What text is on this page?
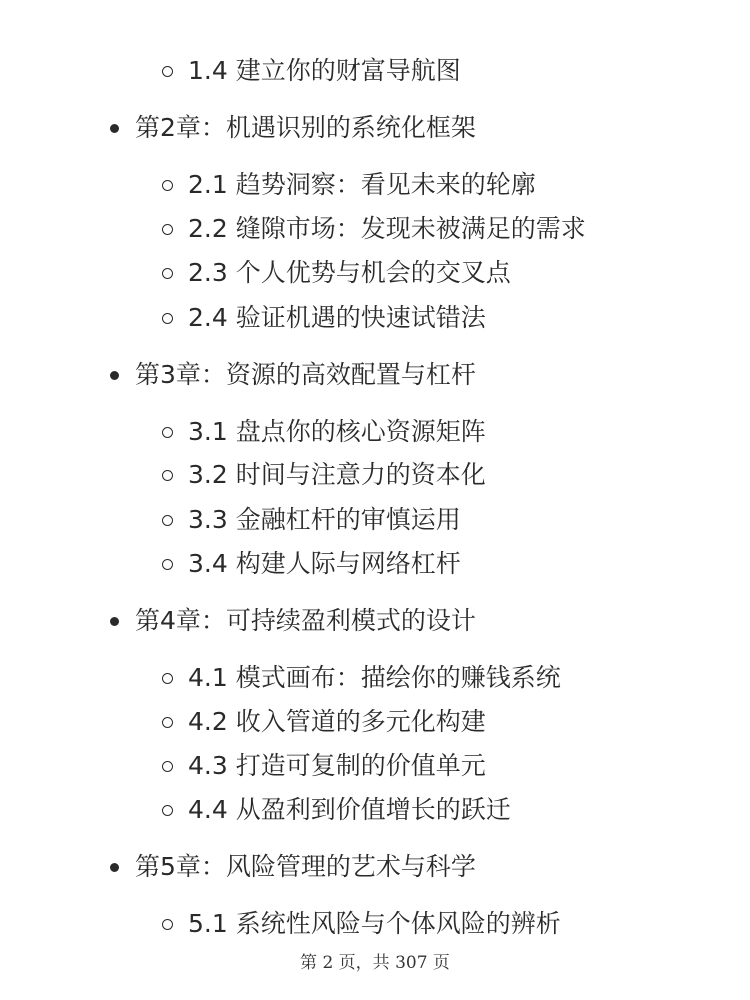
1.4 建立你的财富导航图
第2章：机遇识别的系统化框架
2.1 趋势洞察：看见未来的轮廓
2.2 缝隙市场：发现未被满足的需求
2.3 个人优势与机会的交叉点
2.4 验证机遇的快速试错法
第3章：资源的高效配置与杠杆
3.1 盘点你的核心资源矩阵
3.2 时间与注意力的资本化
3.3 金融杠杆的审慎运用
3.4 构建人际与网络杠杆
第4章：可持续盈利模式的设计
4.1 模式画布：描绘你的赚钱系统
4.2 收入管道的多元化构建
4.3 打造可复制的价值单元
4.4 从盈利到价值增长的跃迁
第5章：风险管理的艺术与科学
5.1 系统性风险与个体风险的辨析
第 2 页，共 307 页
